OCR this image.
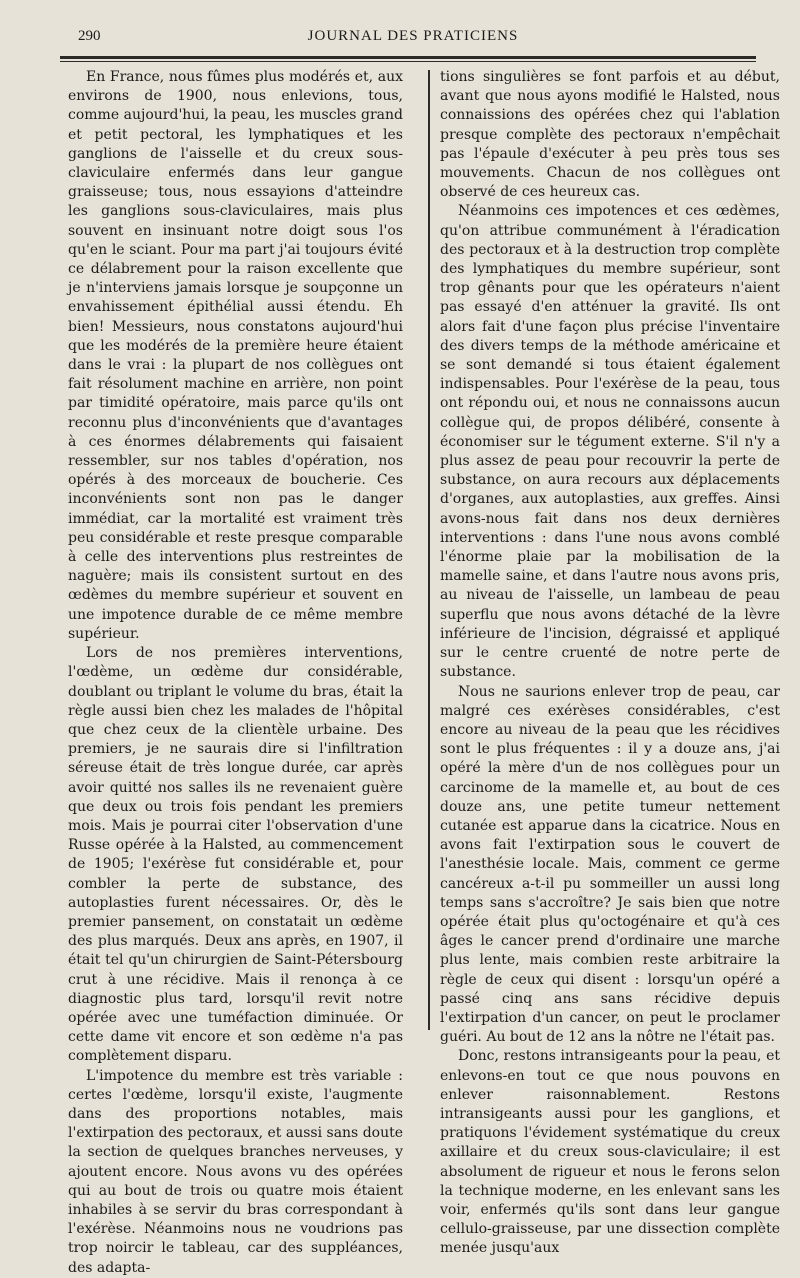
290	JOURNAL DES PRATICIENS

En France, nous fûmes plus modérés et, aux environs de 1900, nous enlevions, tous, comme aujourd'hui, la peau, les muscles grand et petit pectoral, les lymphatiques et les ganglions de l'aisselle et du creux sous-claviculaire enfermés dans leur gangue graisseuse; tous, nous essayions d'atteindre les ganglions sous-claviculaires, mais plus souvent en insinuant notre doigt sous l'os qu'en le sciant. Pour ma part j'ai toujours évité ce délabrement pour la raison excellente que je n'interviens jamais lorsque je soupçonne un envahissement épithélial aussi étendu. Eh bien! Messieurs, nous constatons aujourd'hui que les modérés de la première heure étaient dans le vrai : la plupart de nos collègues ont fait résolument machine en arrière, non point par timidité opératoire, mais parce qu'ils ont reconnu plus d'inconvénients que d'avantages à ces énormes délabrements qui faisaient ressembler, sur nos tables d'opération, nos opérés à des morceaux de boucherie. Ces inconvénients sont non pas le danger immédiat, car la mortalité est vraiment très peu considérable et reste presque comparable à celle des interventions plus restreintes de naguère; mais ils consistent surtout en des œdèmes du membre supérieur et souvent en une impotence durable de ce même membre supérieur.

Lors de nos premières interventions, l'œdème, un œdème dur considérable, doublant ou triplant le volume du bras, était la règle aussi bien chez les malades de l'hôpital que chez ceux de la clientèle urbaine. Des premiers, je ne saurais dire si l'infiltration séreuse était de très longue durée, car après avoir quitté nos salles ils ne revenaient guère que deux ou trois fois pendant les premiers mois. Mais je pourrai citer l'observation d'une Russe opérée à la Halsted, au commencement de 1905; l'exérèse fut considérable et, pour combler la perte de substance, des autoplasties furent nécessaires. Or, dès le premier pansement, on constatait un œdème des plus marqués. Deux ans après, en 1907, il était tel qu'un chirurgien de Saint-Pétersbourg crut à une récidive. Mais il renonça à ce diagnostic plus tard, lorsqu'il revit notre opérée avec une tuméfaction diminuée. Or cette dame vit encore et son œdème n'a pas complètement disparu.

L'impotence du membre est très variable : certes l'œdème, lorsqu'il existe, l'augmente dans des proportions notables, mais l'extirpation des pectoraux, et aussi sans doute la section de quelques branches nerveuses, y ajoutent encore. Nous avons vu des opérées qui au bout de trois ou quatre mois étaient inhabiles à se servir du bras correspondant à l'exérèse. Néanmoins nous ne voudrions pas trop noircir le tableau, car des suppléances, des adapta-

tions singulières se font parfois et au début, avant que nous ayons modifié le Halsted, nous connaissions des opérées chez qui l'ablation presque complète des pectoraux n'empêchait pas l'épaule d'exécuter à peu près tous ses mouvements. Chacun de nos collègues ont observé de ces heureux cas.

Néanmoins ces impotences et ces œdèmes, qu'on attribue communément à l'éradication des pectoraux et à la destruction trop complète des lymphatiques du membre supérieur, sont trop gênants pour que les opérateurs n'aient pas essayé d'en atténuer la gravité. Ils ont alors fait d'une façon plus précise l'inventaire des divers temps de la méthode américaine et se sont demandé si tous étaient également indispensables. Pour l'exérèse de la peau, tous ont répondu oui, et nous ne connaissons aucun collègue qui, de propos délibéré, consente à économiser sur le tégument externe. S'il n'y a plus assez de peau pour recouvrir la perte de substance, on aura recours aux déplacements d'organes, aux autoplasties, aux greffes. Ainsi avons-nous fait dans nos deux dernières interventions : dans l'une nous avons comblé l'énorme plaie par la mobilisation de la mamelle saine, et dans l'autre nous avons pris, au niveau de l'aisselle, un lambeau de peau superflu que nous avons détaché de la lèvre inférieure de l'incision, dégraissé et appliqué sur le centre cruenté de notre perte de substance.

Nous ne saurions enlever trop de peau, car malgré ces exérèses considérables, c'est encore au niveau de la peau que les récidives sont le plus fréquentes : il y a douze ans, j'ai opéré la mère d'un de nos collègues pour un carcinome de la mamelle et, au bout de ces douze ans, une petite tumeur nettement cutanée est apparue dans la cicatrice. Nous en avons fait l'extirpation sous le couvert de l'anesthésie locale. Mais, comment ce germe cancéreux a-t-il pu sommeiller un aussi long temps sans s'accroître? Je sais bien que notre opérée était plus qu'octogénaire et qu'à ces âges le cancer prend d'ordinaire une marche plus lente, mais combien reste arbitraire la règle de ceux qui disent : lorsqu'un opéré a passé cinq ans sans récidive depuis l'extirpation d'un cancer, on peut le proclamer guéri. Au bout de 12 ans la nôtre ne l'était pas.

Donc, restons intransigeants pour la peau, et enlevons-en tout ce que nous pouvons en enlever raisonnablement. Restons intransigeants aussi pour les ganglions, et pratiquons l'évidement systématique du creux axillaire et du creux sous-claviculaire; il est absolument de rigueur et nous le ferons selon la technique moderne, en les enlevant sans les voir, enfermés qu'ils sont dans leur gangue cellulo-graisseuse, par une dissection complète menée jusqu'aux
